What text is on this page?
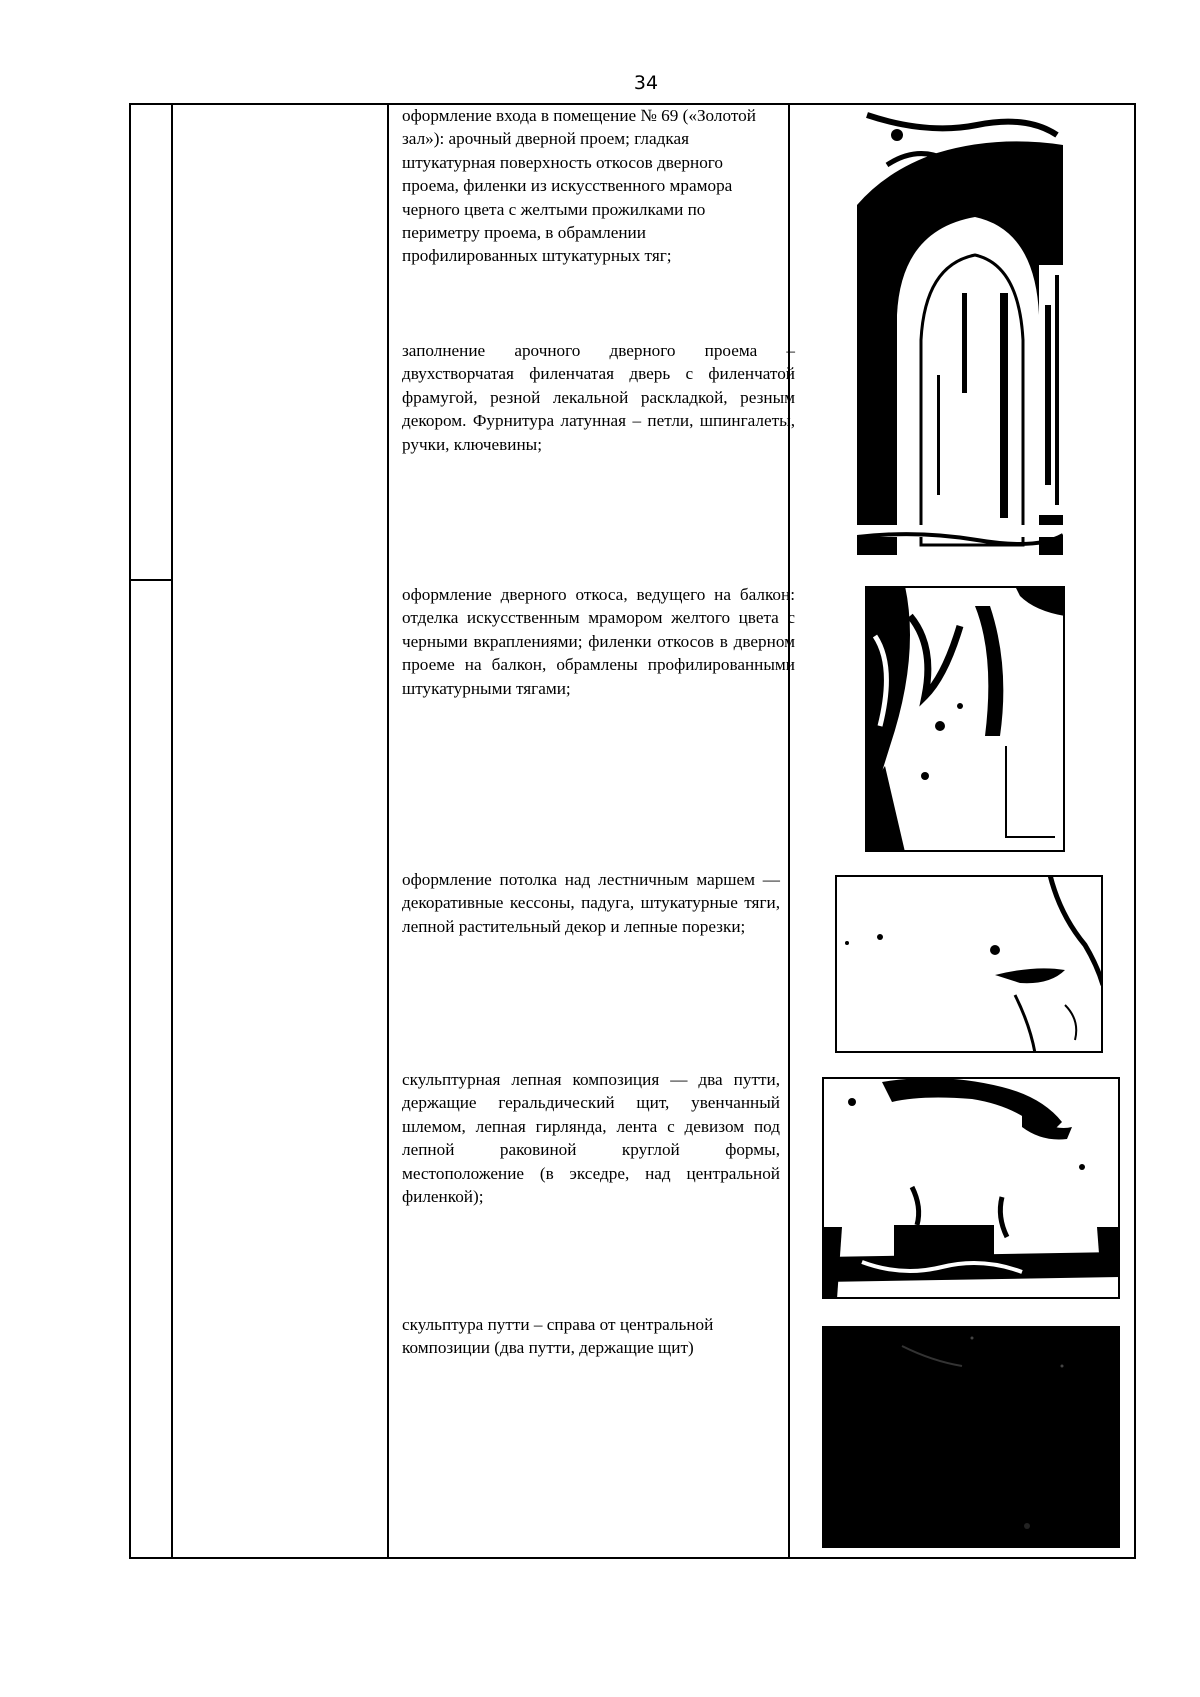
34
оформление входа в помещение № 69 («Золотой зал»): арочный дверной проем; гладкая штукатурная поверхность откосов дверного проема, филенки из искусственного мрамора черного цвета с желтыми прожилками по периметру проема, в обрамлении профилированных штукатурных тяг;
заполнение арочного дверного проема – двухстворчатая филенчатая дверь с филенчатой фрамугой, резной лекальной раскладкой, резным декором. Фурнитура латунная – петли, шпингалеты, ручки, ключевины;
оформление дверного откоса, ведущего на балкон: отделка искусственным мрамором желтого цвета с черными вкраплениями; филенки откосов в дверном проеме на балкон, обрамлены профилированными штукатурными тягами;
оформление потолка над лестничным маршем — декоративные кессоны, падуга, штукатурные тяги, лепной растительный декор и лепные порезки;
скульптурная лепная композиция — два путти, держащие геральдический щит, увенчанный шлемом, лепная гирлянда, лента с девизом под лепной раковиной круглой формы, местоположение (в экседре, над центральной филенкой);
скульптура путти – справа от центральной композиции (два путти, держащие щит)
